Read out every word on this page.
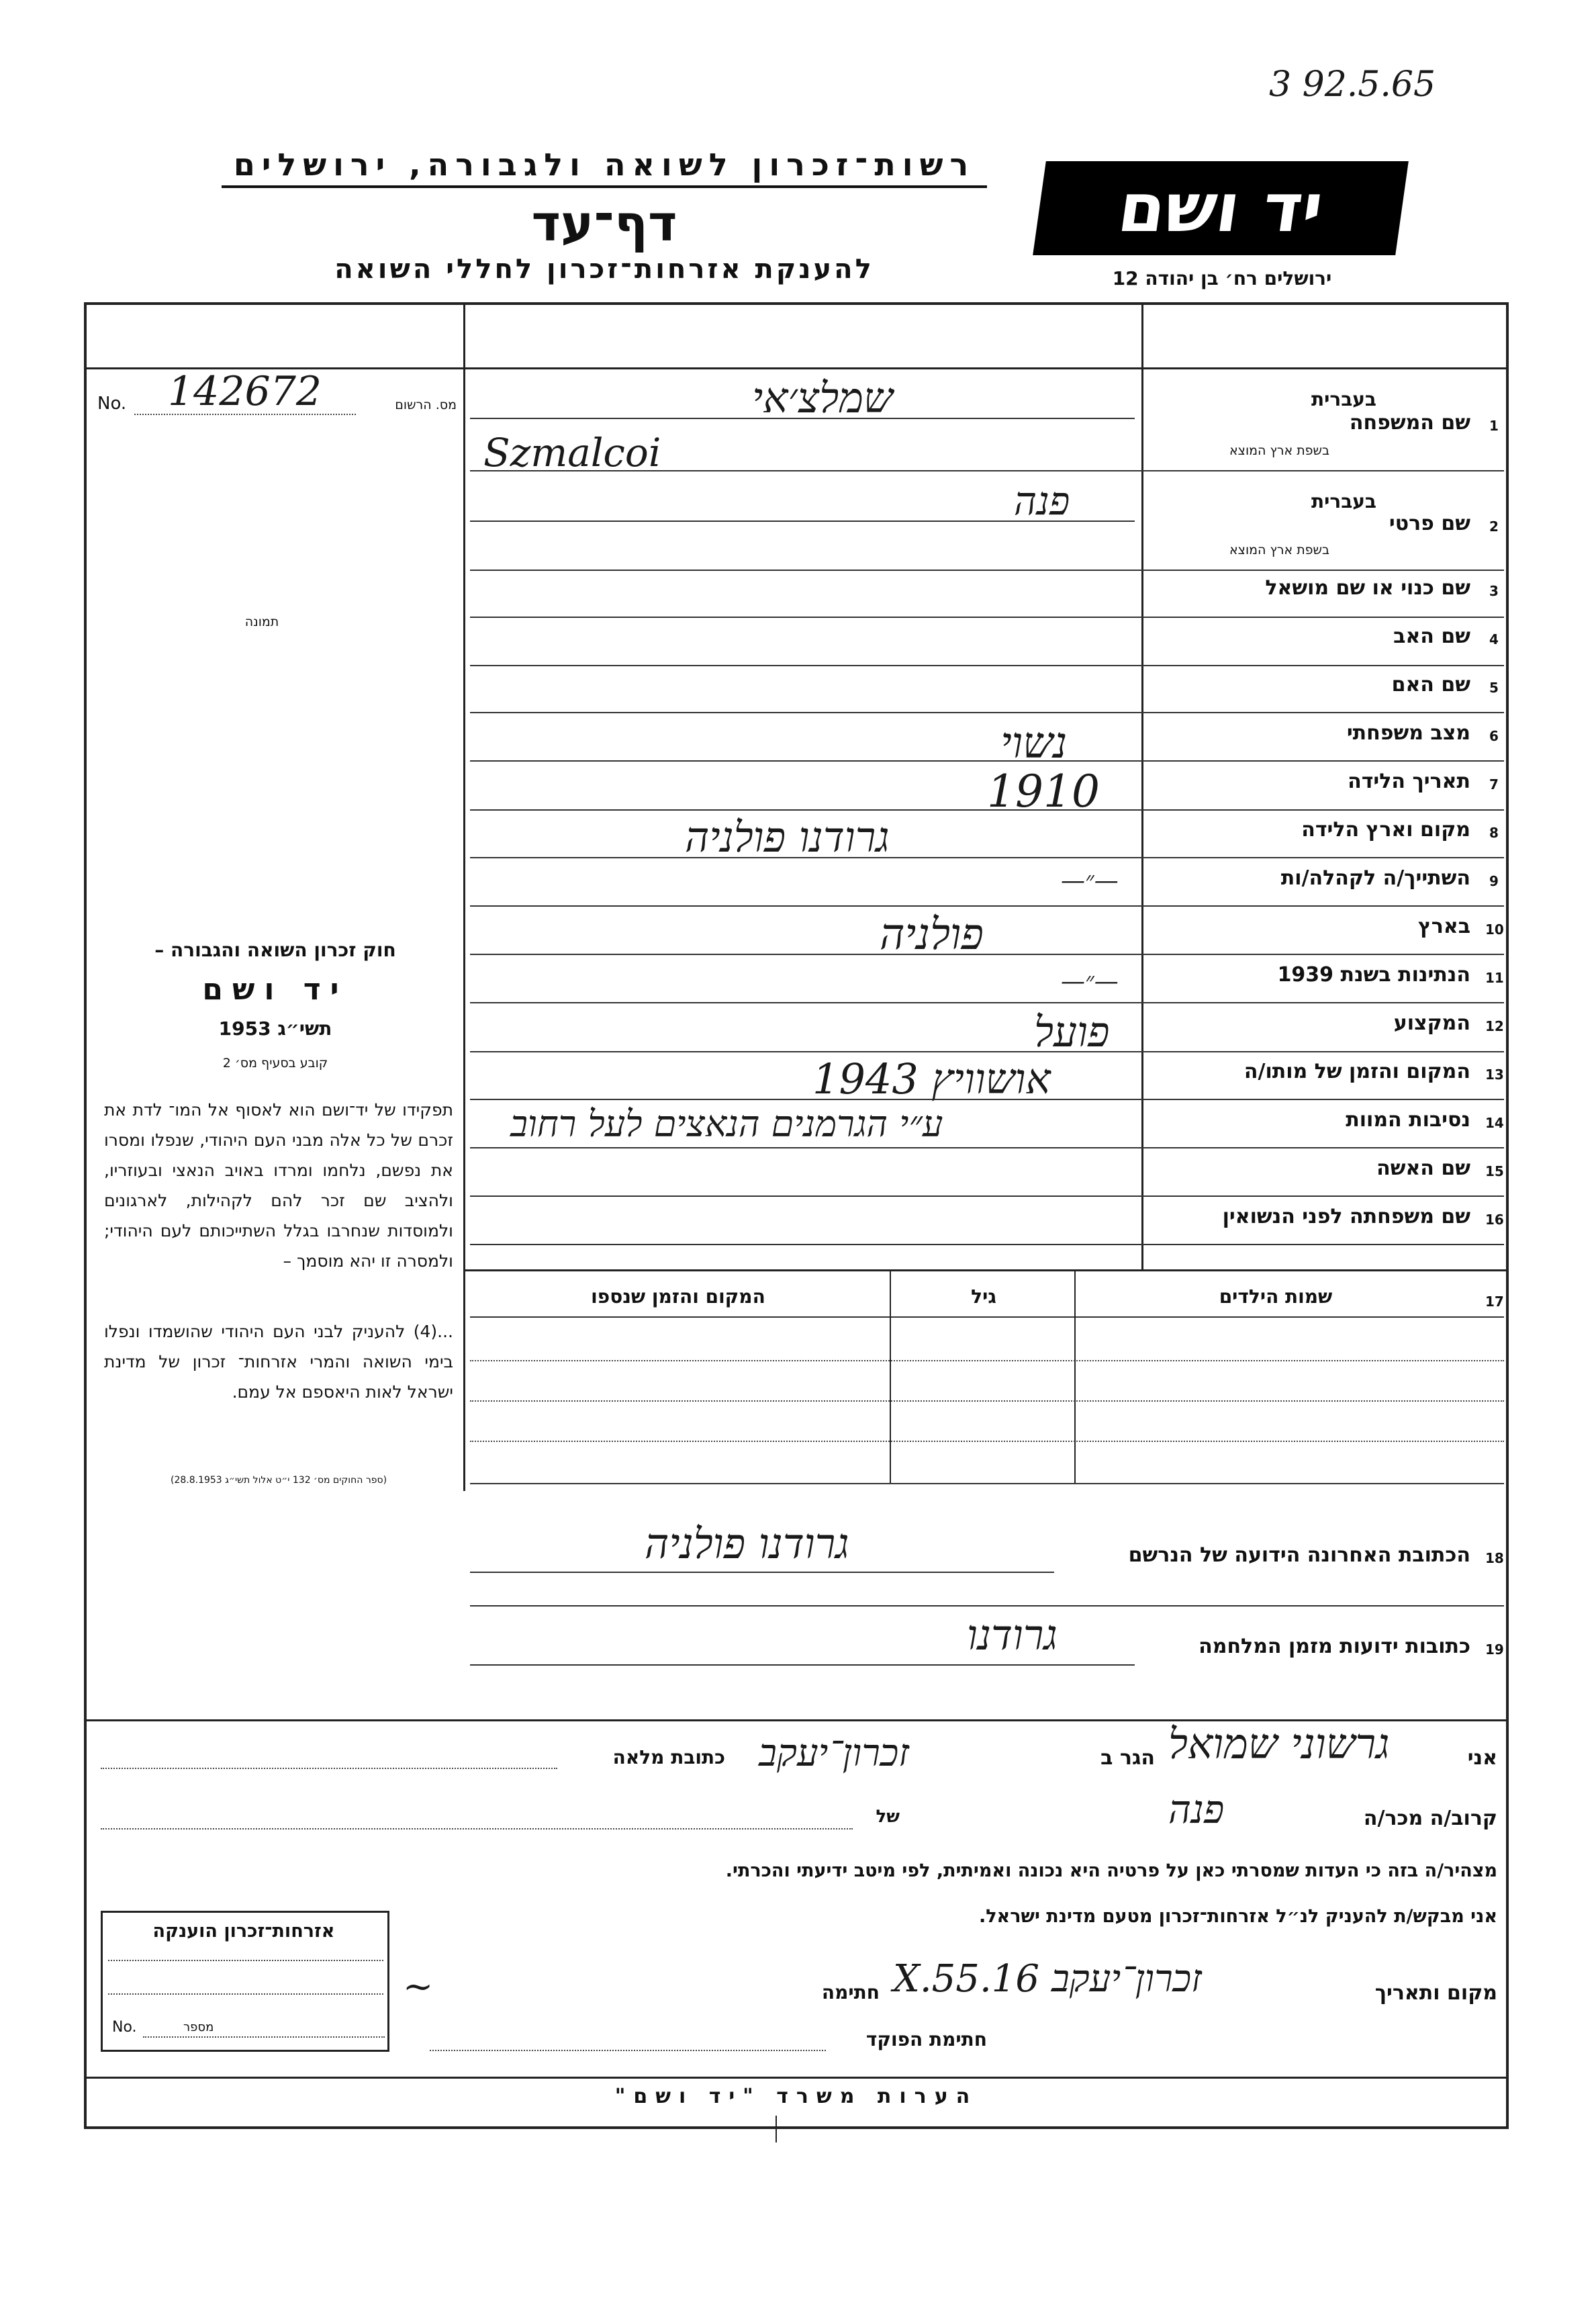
3 92.5.65
רשות־זכרון לשואה ולגבורה, ירושלים
דף־עד
להענקת אזרחות־זכרון לחללי השואה
יד ושם
ירושלים רח׳ בן יהודה 12
No. 142672	מס. הרשום
תמונה
בעברית
שם המשפחה 1
בשפת ארץ המוצא
בעברית
שם פרטי 2
בשפת ארץ המוצא
שם כנוי או שם מושאל 3
שם האב 4
שם האם 5
מצב משפחתי 6
תאריך הלידה 7
מקום וארץ הלידה 8
השתייך/ה לקהלה/ות 9
בארץ 10
הנתינות בשנת 1939 11
המקצוע 12
המקום והזמן של מותו/ה 13
נסיבות המוות 14
שם האשה 15
שם משפחתה לפני הנשואין 16
שמלצ׳אי
Szmalcoi
פנה
נשוי
1910
גרודנו פולניה
—״—
פולניה
—״—
פועל
אושוויץ 1943
ע״י הגרמנים הנאצים לעל רחוב
חוק זכרון השואה והגבורה –
יד ושם
תשי״ג 1953
קובע בסעיף מס׳ 2
תפקידו של יד־ושם הוא לאסוף אל המו־ לדת את זכרם של כל אלה מבני העם היהודי, שנפלו ומסרו את נפשם, נלחמו ומרדו באויב הנאצי ובעוזריו, ולהציב שם זכר להם לקהילות, לארגונים ולמוסדות שנחרבו בגלל השתייכותם לעם היהודי; ולמסרה זו יהא מוסמך –
...(4) להעניק לבני העם היהודי שהושמדו ונפלו בימי השואה והמרי אזרחות־ זכרון של מדינת ישראל לאות היאספם אל עמם.
(ספר החוקים מס׳ 132 י״ט אלול תשי״ג 28.8.1953)
17
שמות הילדים
גיל
המקום והזמן שנספו
הכתובת האחרונה הידועה של הנרשם 18
גרודנו פולניה
כתובות ידועות מזמן המלחמה 19
גרודנו
אני
גרשוני שמואל
הגר ב
זכרון־יעקב
כתובת מלאה
קרוב/ה מכר/ה
פנה
של
מצהיר/ה בזה כי העדות שמסרתי כאן על פרטיה היא נכונה ואמיתית, לפי מיטב ידיעתי והכרתי.
אני מבקש/ת להעניק לנ״ל אזרחות־זכרון מטעם מדינת ישראל.
מקום ותאריך
זכרון־יעקב 16.X.55
חתימה
~
חתימת הפוקד
אזרחות־זכרון הוענקה
No.	מספר
הערות משרד "יד ושם"
